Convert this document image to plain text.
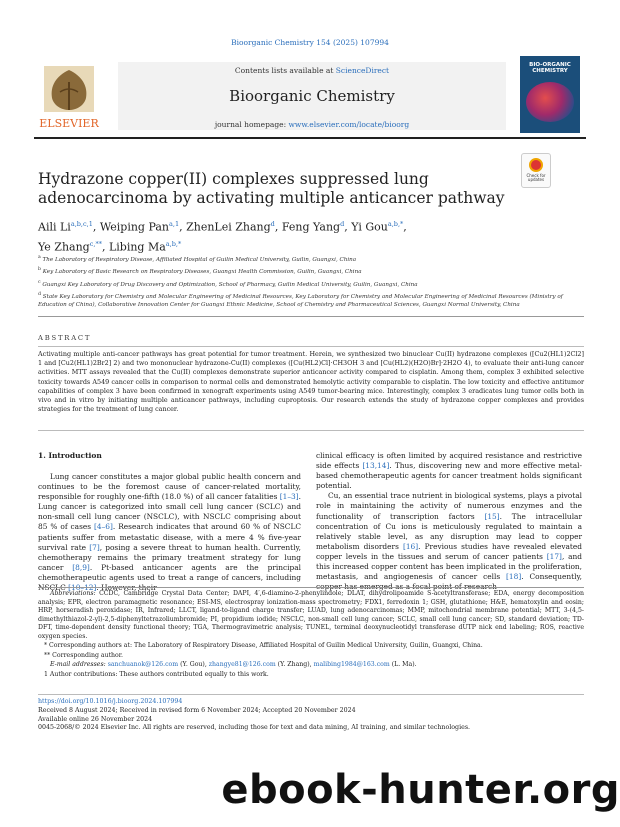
Bioorganic Chemistry 154 (2025) 107994
ELSEVIER
Contents lists available at ScienceDirect
Bioorganic Chemistry
journal homepage: www.elsevier.com/locate/bioorg
BIO-ORGANIC CHEMISTRY
Check for updates
Hydrazone copper(II) complexes suppressed lung adenocarcinoma by activating multiple anticancer pathway
Aili Li$^{a,b,c,1}$, Weiping Pan$^{a,1}$, ZhenLei Zhang$^d$, Feng Yang$^d$, Yi Gou$^{a,b,*}$,
Ye Zhang$^{c,**}$, Libing $Ma^{a,b,*}$

$^a$ The Laboratory of Respiratory Disease, Affiliated Hospital of Guilin Medical University, Guilin, Guangxi, China

$^b$ Key Laboratory of Basic Research on Respiratory Diseases, Guangxi Health Commission, Guilin, Guangxi, China

$^c$ Guangxi Key Laboratory of Drug Discovery and Optimization, School of Pharmacy, Guilin Medical University, Guilin, Guangxi, China

$^d$ State Key Laboratory for Chemistry and Molecular Engineering of Medicinal Resources, Key Laboratory for Chemistry and Molecular Engineering of Medicinal Resources (Ministry of Education of China), Collaborative Innovation Center for Guangxi Ethnic Medicine, School of Chemistry and Pharmaceutical Sciences, Guangxi Normal University, China

ABSTRACT
Activating multiple anti-cancer pathways has great potential for tumor treatment. Herein, we synthesized two binuclear Cu(II) hydrazone complexes ([Cu2(HL1)2Cl2] 1 and [Cu2(HL1)2Br2] 2) and two mononuclear hydrazone-Cu(II) complexes ([Cu(HL2)Cl]·CH3OH 3 and [Cu(HL2)(H2O)Br]·2H2O 4), to evaluate their anti-lung cancer activities. MTT assays revealed that the Cu(II) complexes demonstrate superior anticancer activity compared to cisplatin. Among them, complex 3 exhibited selective toxicity towards A549 cancer cells in comparison to normal cells and demonstrated hemolytic activity comparable to cisplatin. The low toxicity and effective antitumor capabilities of complex 3 have been confirmed in xenograft experiments using A549 tumor-bearing mice. Interestingly, complex 3 eradicates lung tumor cells both in vivo and in vitro by initiating multiple anticancer pathways, including cuproptosis. Our research extends the study of hydrazone copper complexes and provides strategies for the treatment of lung cancer.
1. Introduction
Lung cancer constitutes a major global public health concern and continues to be the foremost cause of cancer-related mortality, responsible for roughly one-fifth (18.0 %) of all cancer fatalities [1–3]. Lung cancer is categorized into small cell lung cancer (SCLC) and non-small cell lung cancer (NSCLC), with NSCLC comprising about 85 % of cases [4–6]. Research indicates that around 60 % of NSCLC patients suffer from metastatic disease, with a mere 4 % five-year survival rate [7], posing a severe threat to human health. Currently, chemotherapy remains the primary treatment strategy for lung cancer [8,9]. Pt-based anticancer agents are the principal chemotherapeutic agents used to treat a range of cancers, including
clinical efficacy is often limited by acquired resistance and restrictive side effects [13,14]. Thus, discovering new and more effective metal-based chemotherapeutic agents for cancer treatment holds significant potential.
Cu, an essential trace nutrient in biological systems, plays a pivotal role in maintaining the activity of numerous enzymes and the functionality of transcription factors [15]. The intracellular concentration of Cu ions is meticulously regulated to maintain a relatively stable level, as any disruption may lead to copper metabolism disorders [16]. Previous studies have revealed elevated copper levels in the tissues and serum of cancer patients [17], and this increased copper content has been implicated in the proliferation, metastasis, and angiogenesis of cancer cells [18]. Consequently,

Abbreviations: CCDC, Cambridge Crystal Data Center; DAPI, 4′,6-diamino-2-phenylindole; DLAT, dihydrolipoamide S-acetyltransferase; EDA, energy decomposition analysis; EPR, electron paramagnetic resonance; ESI-MS, electrospray ionization-mass spectrometry; FDX1, ferredoxin 1; GSH, glutathione; H&E, hematoxylin and eosin; HRP, horseradish peroxidase; IR, Infrared; LLCT, ligand-to-ligand charge transfer; LUAD, lung adenocarcinomas; MMP, mitochondrial membrane potential; MTT, 3-(4,5-dimethylthiazol-2-yl)-2,5-diphenyltetrazoliumbromide; PI, propidium iodide; NSCLC, non-small cell lung cancer; SCLC, small cell lung cancer; SD, standard deviation; TD-DFT, time-dependent density functional theory; TGA, Thermogravimetric analysis; TUNEL, terminal deoxynucleotidyl transferase dUTP nick end labeling; ROS, reactive oxygen species.

* Corresponding authors at: The Laboratory of Respiratory Disease, Affiliated Hospital of Guilin Medical University, Guilin, Guangxi, China.

** Corresponding author.

E-mail addresses: sanchuanok@126.com (Y. Gou), zhangye81@126.com (Y. Zhang), malibing1984@163.com (L. Ma).

1 Author contributions: These authors contributed equally to this work.

https://doi.org/10.1016/j.bioorg.2024.107994
Received 8 August 2024; Received in revised form 6 November 2024; Accepted 20 November 2024
Available online 26 November 2024
0045-2068/© 2024 Elsevier Inc. All rights are reserved, including those for text and data mining, AI training, and similar technologies.
ebook-hunter.org
